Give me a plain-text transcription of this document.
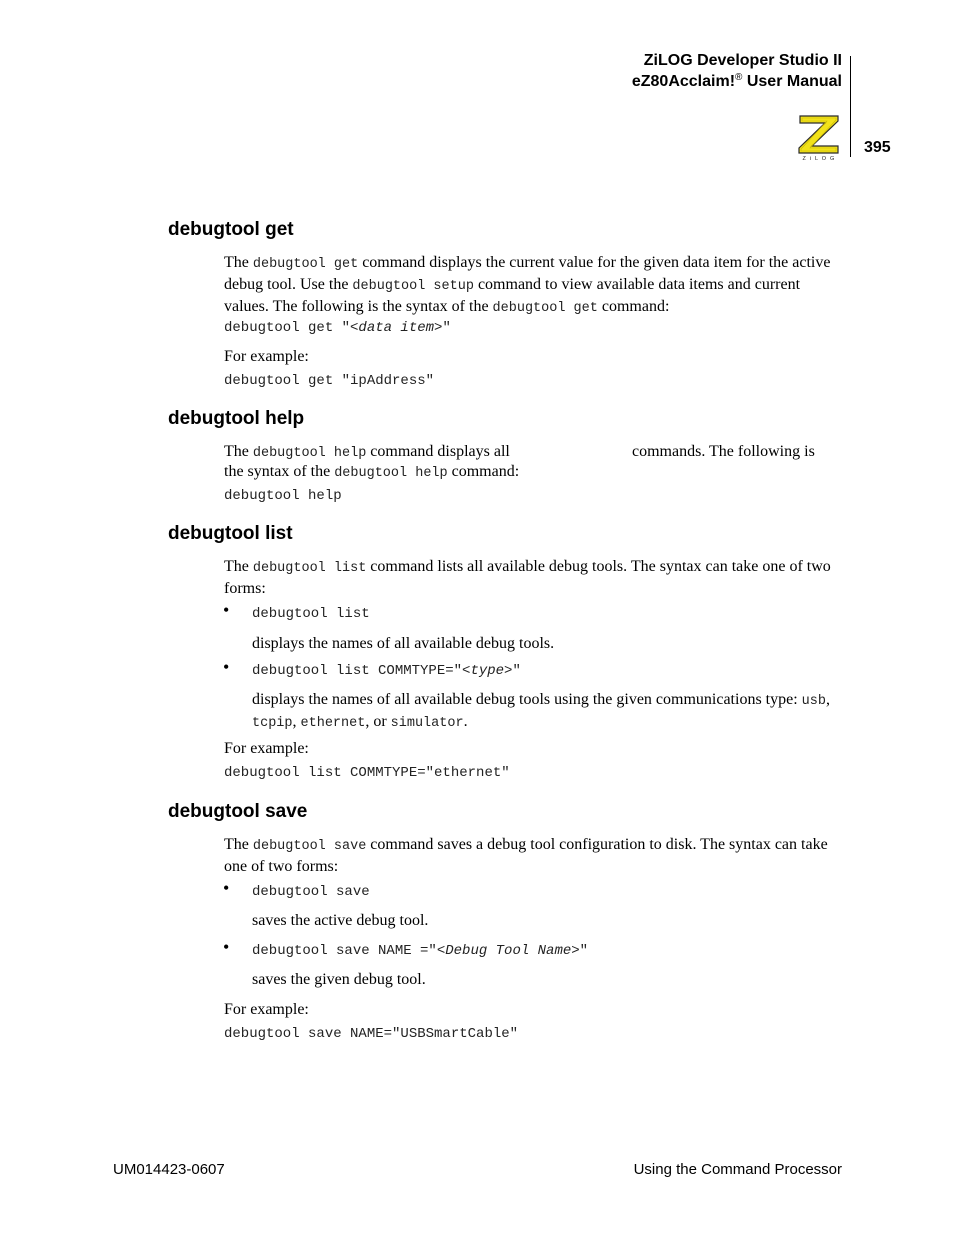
ZiLOG Developer Studio II
eZ80Acclaim!® User Manual
395
Z i L O G
debugtool get
The debugtool get command displays the current value for the given data item for the active debug tool. Use the debugtool setup command to view available data items and current values. The following is the syntax of the debugtool get command:
debugtool get "<data item>"
For example:
debugtool get "ipAddress"
debugtool help
The debugtool help command displays all	commands. The following is
the syntax of the debugtool help command:
debugtool help
debugtool list
The debugtool list command lists all available debug tools. The syntax can take one of two forms:
• debugtool list
displays the names of all available debug tools.
• debugtool list COMMTYPE="<type>"
displays the names of all available debug tools using the given communications type: usb, tcpip, ethernet, or simulator.
For example:
debugtool list COMMTYPE="ethernet"
debugtool save
The debugtool save command saves a debug tool configuration to disk. The syntax can take one of two forms:
• debugtool save
saves the active debug tool.
• debugtool save NAME ="<Debug Tool Name>"
saves the given debug tool.
For example:
debugtool save NAME="USBSmartCable"
UM014423-0607	Using the Command Processor
